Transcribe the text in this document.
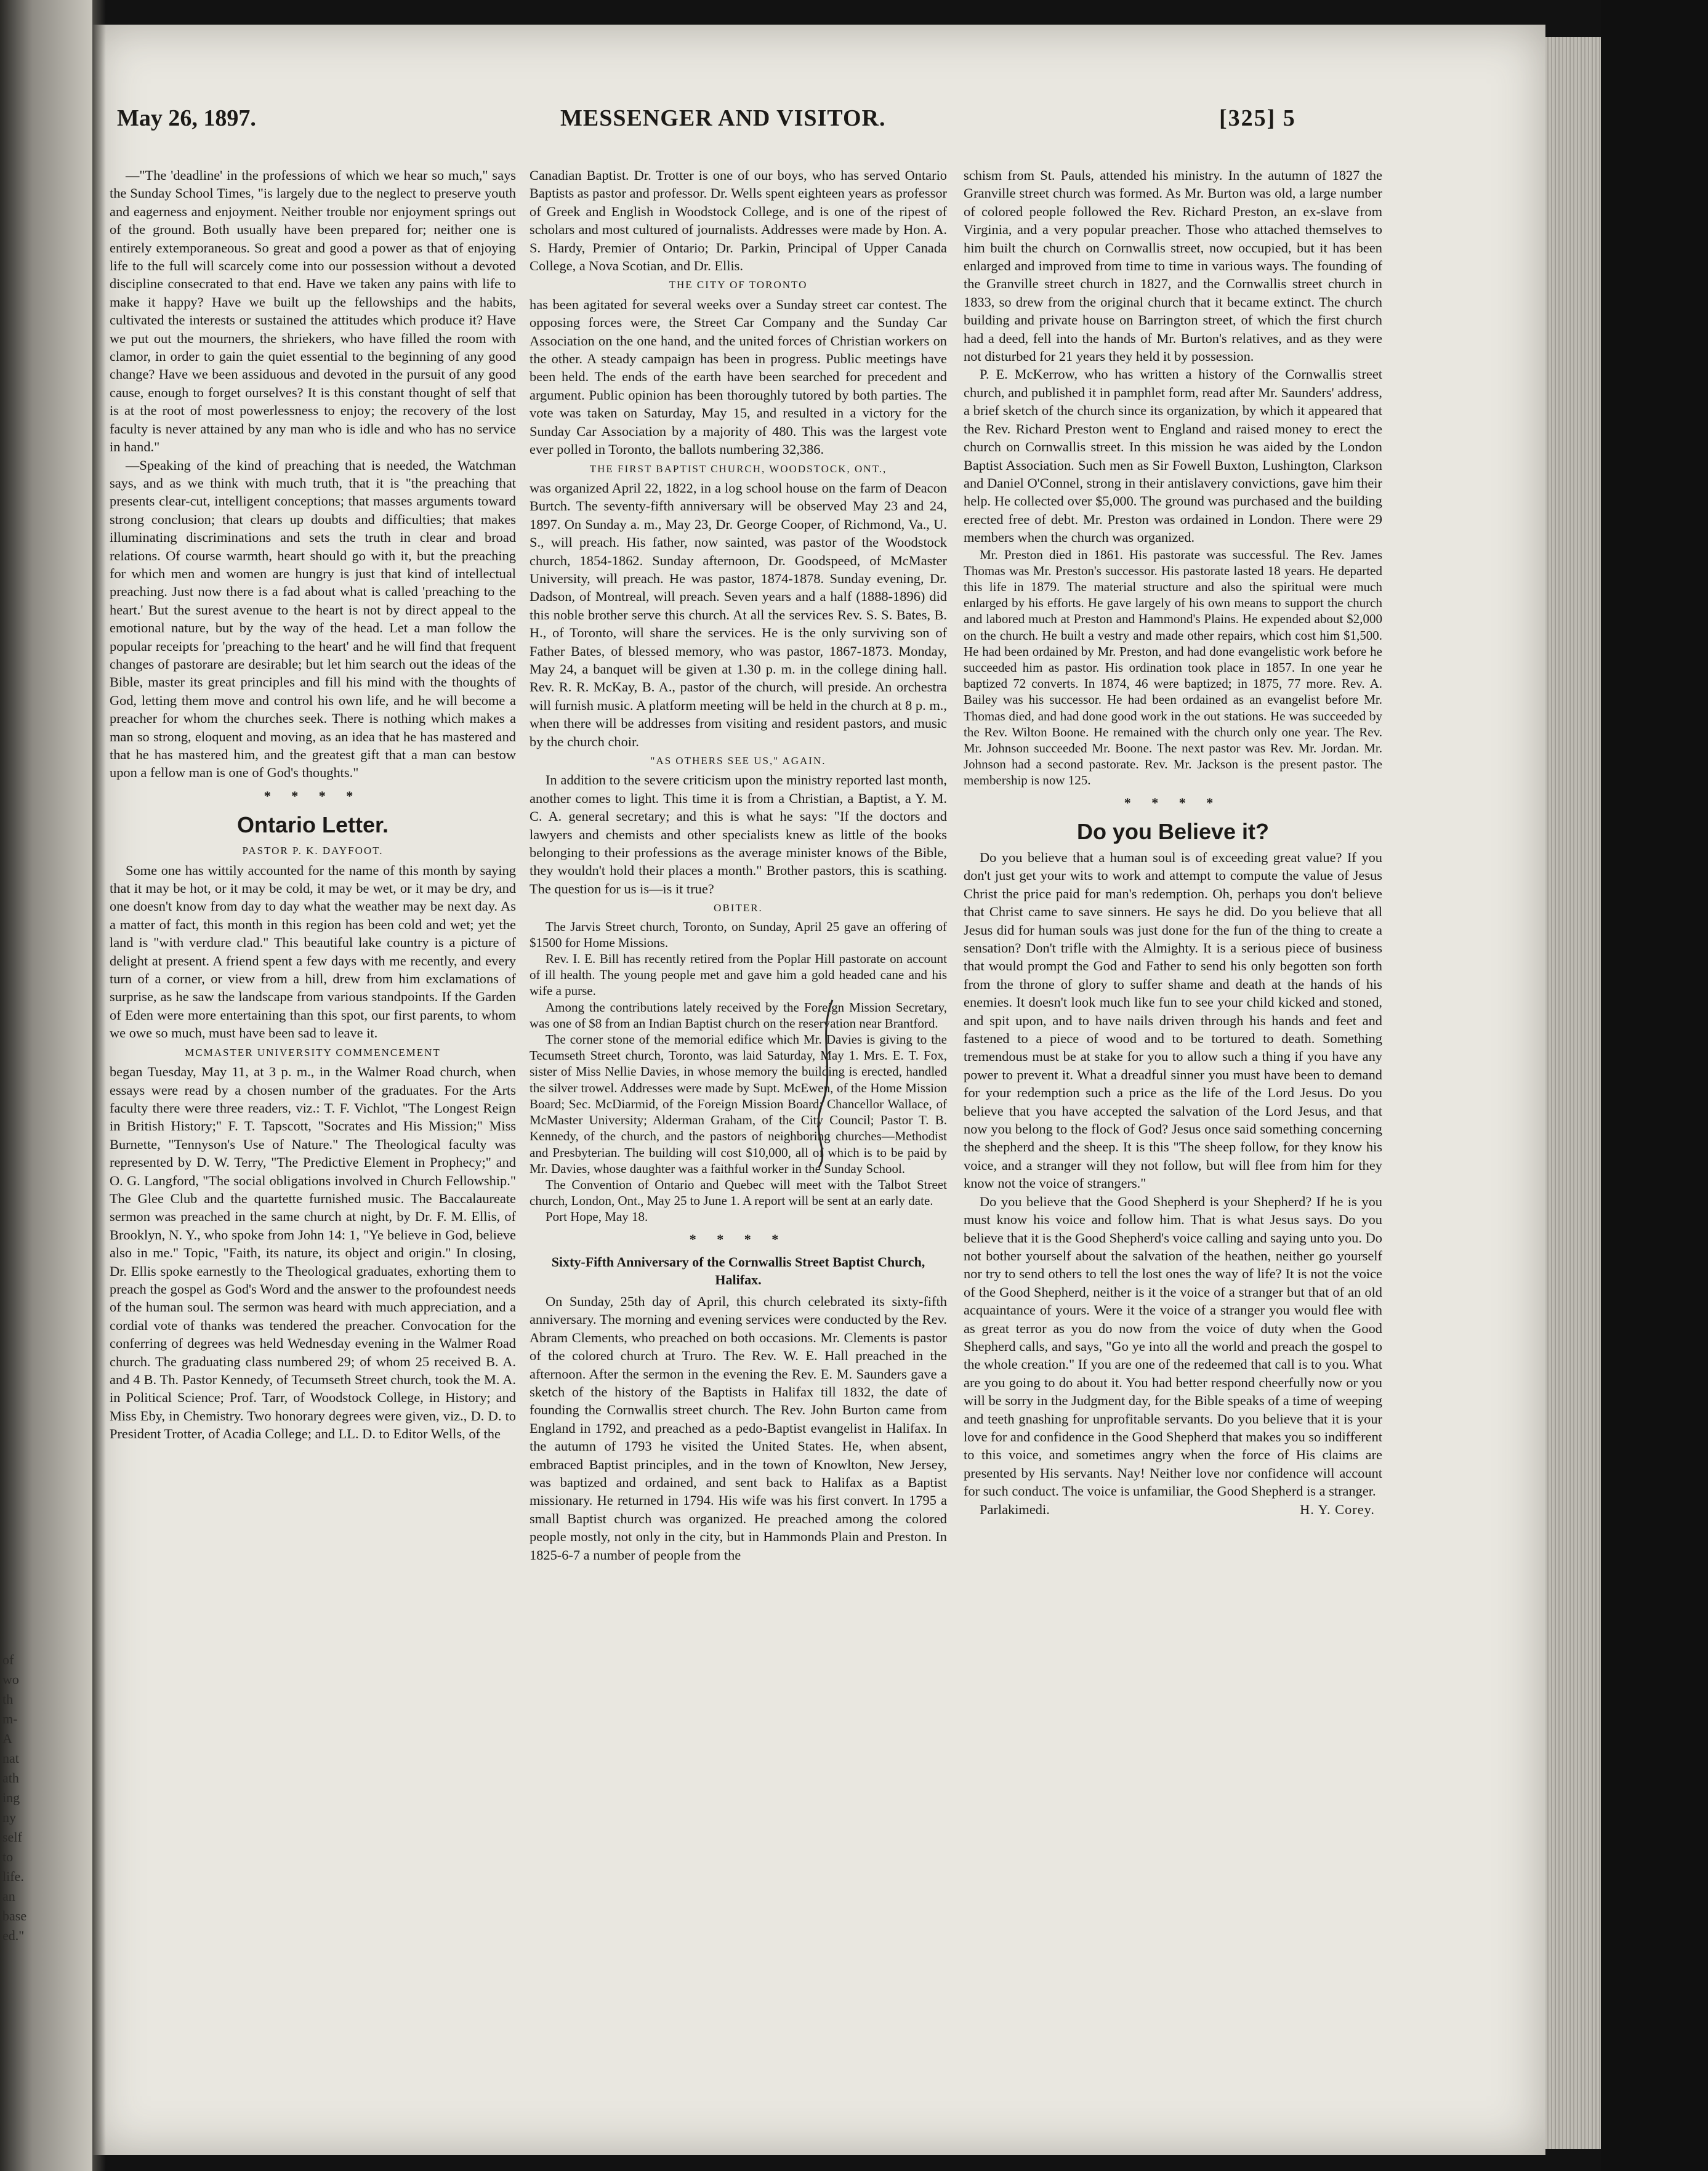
of
wo
th
m-
A
nat
ath
ing
ny
self
to
life.
an
base
ed."
May 26, 1897.	MESSENGER AND VISITOR.	[325] 5

—"The 'deadline' in the professions of which we hear so much," says the Sunday School Times, "is largely due to the neglect to preserve youth and eagerness and enjoyment. Neither trouble nor enjoyment springs out of the ground. Both usually have been prepared for; neither one is entirely extemporaneous. So great and good a power as that of enjoying life to the full will scarcely come into our possession without a devoted discipline consecrated to that end. Have we taken any pains with life to make it happy? Have we built up the fellowships and the habits, cultivated the interests or sustained the attitudes which produce it? Have we put out the mourners, the shriekers, who have filled the room with clamor, in order to gain the quiet essential to the beginning of any good change? Have we been assiduous and devoted in the pursuit of any good cause, enough to forget ourselves? It is this constant thought of self that is at the root of most powerlessness to enjoy; the recovery of the lost faculty is never attained by any man who is idle and who has no service in hand."

—Speaking of the kind of preaching that is needed, the Watchman says, and as we think with much truth, that it is "the preaching that presents clear-cut, intelligent conceptions; that masses arguments toward strong conclusion; that clears up doubts and difficulties; that makes illuminating discriminations and sets the truth in clear and broad relations. Of course warmth, heart should go with it, but the preaching for which men and women are hungry is just that kind of intellectual preaching. Just now there is a fad about what is called 'preaching to the heart.' But the surest avenue to the heart is not by direct appeal to the emotional nature, but by the way of the head. Let a man follow the popular receipts for 'preaching to the heart' and he will find that frequent changes of pastorare are desirable; but let him search out the ideas of the Bible, master its great principles and fill his mind with the thoughts of God, letting them move and control his own life, and he will become a preacher for whom the churches seek. There is nothing which makes a man so strong, eloquent and moving, as an idea that he has mastered and that he has mastered him, and the greatest gift that a man can bestow upon a fellow man is one of God's thoughts."

* * * *
Ontario Letter.
PASTOR P. K. DAYFOOT.

Some one has wittily accounted for the name of this month by saying that it may be hot, or it may be cold, it may be wet, or it may be dry, and one doesn't know from day to day what the weather may be next day. As a matter of fact, this month in this region has been cold and wet; yet the land is "with verdure clad." This beautiful lake country is a picture of delight at present. A friend spent a few days with me recently, and every turn of a corner, or view from a hill, drew from him exclamations of surprise, as he saw the landscape from various standpoints. If the Garden of Eden were more entertaining than this spot, our first parents, to whom we owe so much, must have been sad to leave it.

MCMASTER UNIVERSITY COMMENCEMENT

began Tuesday, May 11, at 3 p. m., in the Walmer Road church, when essays were read by a chosen number of the graduates. For the Arts faculty there were three readers, viz.: T. F. Vichlot, "The Longest Reign in British History;" F. T. Tapscott, "Socrates and His Mission;" Miss Burnette, "Tennyson's Use of Nature." The Theological faculty was represented by D. W. Terry, "The Predictive Element in Prophecy;" and O. G. Langford, "The social obligations involved in Church Fellowship." The Glee Club and the quartette furnished music. The Baccalaureate sermon was preached in the same church at night, by Dr. F. M. Ellis, of Brooklyn, N. Y., who spoke from John 14: 1, "Ye believe in God, believe also in me." Topic, "Faith, its nature, its object and origin." In closing, Dr. Ellis spoke earnestly to the Theological graduates, exhorting them to preach the gospel as God's Word and the answer to the profoundest needs of the human soul. The sermon was heard with much appreciation, and a cordial vote of thanks was tendered the preacher. Convocation for the conferring of degrees was held Wednesday evening in the Walmer Road church. The graduating class numbered 29; of whom 25 received B. A. and 4 B. Th. Pastor Kennedy, of Tecumseth Street church, took the M. A. in Political Science; Prof. Tarr, of Woodstock College, in History; and Miss Eby, in Chemistry. Two honorary degrees were given, viz., D. D. to President Trotter, of Acadia College; and LL. D. to Editor Wells, of the

Canadian Baptist. Dr. Trotter is one of our boys, who has served Ontario Baptists as pastor and professor. Dr. Wells spent eighteen years as professor of Greek and English in Woodstock College, and is one of the ripest of scholars and most cultured of journalists. Addresses were made by Hon. A. S. Hardy, Premier of Ontario; Dr. Parkin, Principal of Upper Canada College, a Nova Scotian, and Dr. Ellis.

THE CITY OF TORONTO

has been agitated for several weeks over a Sunday street car contest. The opposing forces were, the Street Car Company and the Sunday Car Association on the one hand, and the united forces of Christian workers on the other. A steady campaign has been in progress. Public meetings have been held. The ends of the earth have been searched for precedent and argument. Public opinion has been thoroughly tutored by both parties. The vote was taken on Saturday, May 15, and resulted in a victory for the Sunday Car Association by a majority of 480. This was the largest vote ever polled in Toronto, the ballots numbering 32,386.

THE FIRST BAPTIST CHURCH, WOODSTOCK, ONT.,

was organized April 22, 1822, in a log school house on the farm of Deacon Burtch. The seventy-fifth anniversary will be observed May 23 and 24, 1897. On Sunday a. m., May 23, Dr. George Cooper, of Richmond, Va., U. S., will preach. His father, now sainted, was pastor of the Woodstock church, 1854-1862. Sunday afternoon, Dr. Goodspeed, of McMaster University, will preach. He was pastor, 1874-1878. Sunday evening, Dr. Dadson, of Montreal, will preach. Seven years and a half (1888-1896) did this noble brother serve this church. At all the services Rev. S. S. Bates, B. H., of Toronto, will share the services. He is the only surviving son of Father Bates, of blessed memory, who was pastor, 1867-1873. Monday, May 24, a banquet will be given at 1.30 p. m. in the college dining hall. Rev. R. R. McKay, B. A., pastor of the church, will preside. An orchestra will furnish music. A platform meeting will be held in the church at 8 p. m., when there will be addresses from visiting and resident pastors, and music by the church choir.

"AS OTHERS SEE US," AGAIN.

In addition to the severe criticism upon the ministry reported last month, another comes to light. This time it is from a Christian, a Baptist, a Y. M. C. A. general secretary; and this is what he says: "If the doctors and lawyers and chemists and other specialists knew as little of the books belonging to their professions as the average minister knows of the Bible, they wouldn't hold their places a month." Brother pastors, this is scathing. The question for us is—is it true?

OBITER.

The Jarvis Street church, Toronto, on Sunday, April 25 gave an offering of $1500 for Home Missions.

Rev. I. E. Bill has recently retired from the Poplar Hill pastorate on account of ill health. The young people met and gave him a gold headed cane and his wife a purse.

Among the contributions lately received by the Foreign Mission Secretary, was one of $8 from an Indian Baptist church on the reservation near Brantford.

The corner stone of the memorial edifice which Mr. Davies is giving to the Tecumseth Street church, Toronto, was laid Saturday, May 1. Mrs. E. T. Fox, sister of Miss Nellie Davies, in whose memory the building is erected, handled the silver trowel. Addresses were made by Supt. McEwen, of the Home Mission Board; Sec. McDiarmid, of the Foreign Mission Board; Chancellor Wallace, of McMaster University; Alderman Graham, of the City Council; Pastor T. B. Kennedy, of the church, and the pastors of neighboring churches—Methodist and Presbyterian. The building will cost $10,000, all of which is to be paid by Mr. Davies, whose daughter was a faithful worker in the Sunday School.

The Convention of Ontario and Quebec will meet with the Talbot Street church, London, Ont., May 25 to June 1. A report will be sent at an early date.

Port Hope, May 18.

* * * *
Sixty-Fifth Anniversary of the Cornwallis Street Baptist Church, Halifax.

On Sunday, 25th day of April, this church celebrated its sixty-fifth anniversary. The morning and evening services were conducted by the Rev. Abram Clements, who preached on both occasions. Mr. Clements is pastor of the colored church at Truro. The Rev. W. E. Hall preached in the afternoon. After the sermon in the evening the Rev. E. M. Saunders gave a sketch of the history of the Baptists in Halifax till 1832, the date of founding the Cornwallis street church. The Rev. John Burton came from England in 1792, and preached as a pedo-Baptist evangelist in Halifax. In the autumn of 1793 he visited the United States. He, when absent, embraced Baptist principles, and in the town of Knowlton, New Jersey, was baptized and ordained, and sent back to Halifax as a Baptist missionary. He returned in 1794. His wife was his first convert. In 1795 a small Baptist church was organized. He preached among the colored people mostly, not only in the city, but in Hammonds Plain and Preston. In 1825-6-7 a number of people from the

schism from St. Pauls, attended his ministry. In the autumn of 1827 the Granville street church was formed. As Mr. Burton was old, a large number of colored people followed the Rev. Richard Preston, an ex-slave from Virginia, and a very popular preacher. Those who attached themselves to him built the church on Cornwallis street, now occupied, but it has been enlarged and improved from time to time in various ways. The founding of the Granville street church in 1827, and the Cornwallis street church in 1833, so drew from the original church that it became extinct. The church building and private house on Barrington street, of which the first church had a deed, fell into the hands of Mr. Burton's relatives, and as they were not disturbed for 21 years they held it by possession.

P. E. McKerrow, who has written a history of the Cornwallis street church, and published it in pamphlet form, read after Mr. Saunders' address, a brief sketch of the church since its organization, by which it appeared that the Rev. Richard Preston went to England and raised money to erect the church on Cornwallis street. In this mission he was aided by the London Baptist Association. Such men as Sir Fowell Buxton, Lushington, Clarkson and Daniel O'Connel, strong in their antislavery convictions, gave him their help. He collected over $5,000. The ground was purchased and the building erected free of debt. Mr. Preston was ordained in London. There were 29 members when the church was organized.

Mr. Preston died in 1861. His pastorate was successful. The Rev. James Thomas was Mr. Preston's successor. His pastorate lasted 18 years. He departed this life in 1879. The material structure and also the spiritual were much enlarged by his efforts. He gave largely of his own means to support the church and labored much at Preston and Hammond's Plains. He expended about $2,000 on the church. He built a vestry and made other repairs, which cost him $1,500. He had been ordained by Mr. Preston, and had done evangelistic work before he succeeded him as pastor. His ordination took place in 1857. In one year he baptized 72 converts. In 1874, 46 were baptized; in 1875, 77 more. Rev. A. Bailey was his successor. He had been ordained as an evangelist before Mr. Thomas died, and had done good work in the out stations. He was succeeded by the Rev. Wilton Boone. He remained with the church only one year. The Rev. Mr. Johnson succeeded Mr. Boone. The next pastor was Rev. Mr. Jordan. Mr. Johnson had a second pastorate. Rev. Mr. Jackson is the present pastor. The membership is now 125.

* * * *
Do you Believe it?

Do you believe that a human soul is of exceeding great value? If you don't just get your wits to work and attempt to compute the value of Jesus Christ the price paid for man's redemption. Oh, perhaps you don't believe that Christ came to save sinners. He says he did. Do you believe that all Jesus did for human souls was just done for the fun of the thing to create a sensation? Don't trifle with the Almighty. It is a serious piece of business that would prompt the God and Father to send his only begotten son forth from the throne of glory to suffer shame and death at the hands of his enemies. It doesn't look much like fun to see your child kicked and stoned, and spit upon, and to have nails driven through his hands and feet and fastened to a piece of wood and to be tortured to death. Something tremendous must be at stake for you to allow such a thing if you have any power to prevent it. What a dreadful sinner you must have been to demand for your redemption such a price as the life of the Lord Jesus. Do you believe that you have accepted the salvation of the Lord Jesus, and that now you belong to the flock of God? Jesus once said something concerning the shepherd and the sheep. It is this "The sheep follow, for they know his voice, and a stranger will they not follow, but will flee from him for they know not the voice of strangers."

Do you believe that the Good Shepherd is your Shepherd? If he is you must know his voice and follow him. That is what Jesus says. Do you believe that it is the Good Shepherd's voice calling and saying unto you. Do not bother yourself about the salvation of the heathen, neither go yourself nor try to send others to tell the lost ones the way of life? It is not the voice of the Good Shepherd, neither is it the voice of a stranger but that of an old acquaintance of yours. Were it the voice of a stranger you would flee with as great terror as you do now from the voice of duty when the Good Shepherd calls, and says, "Go ye into all the world and preach the gospel to the whole creation." If you are one of the redeemed that call is to you. What are you going to do about it. You had better respond cheerfully now or you will be sorry in the Judgment day, for the Bible speaks of a time of weeping and teeth gnashing for unprofitable servants. Do you believe that it is your love for and confidence in the Good Shepherd that makes you so indifferent to this voice, and sometimes angry when the force of His claims are presented by His servants. Nay! Neither love nor confidence will account for such conduct. The voice is unfamiliar, the Good Shepherd is a stranger.

Parlakimedi.	H. Y. Corey.
